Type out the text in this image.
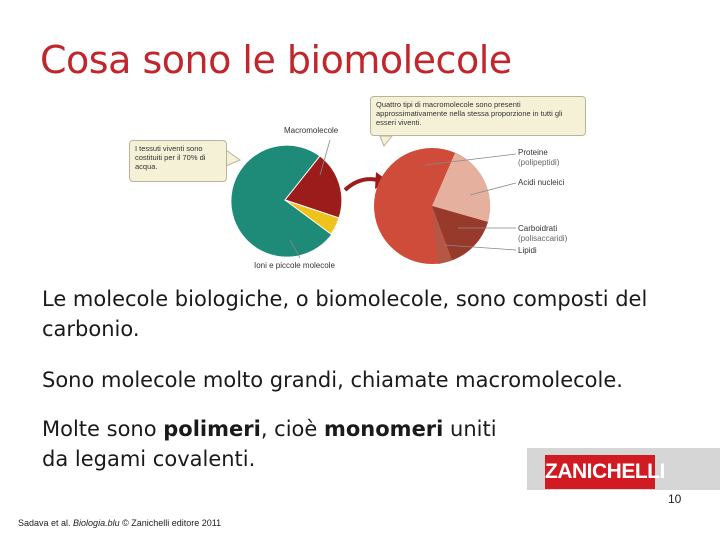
Cosa sono le biomolecole
I tessuti viventi sono costituiti per il 70% di acqua.
Quattro tipi di macromolecole sono presenti approssimativamente nella stessa proporzione in tutti gli esseri viventi.
Macromolecole
Ioni e piccole molecole
Proteine
(polipeptidi)
Acidi nucleici
Carboidrati
(polisaccaridi)
Lipidi
Le molecole biologiche, o biomolecole, sono composti del carbonio.
Sono molecole molto grandi, chiamate macromolecole.
Molte sono polimeri, cioè monomeri uniti da legami covalenti.
ZANICHELLI
10
Sadava et al. Biologia.blu © Zanichelli editore 2011
